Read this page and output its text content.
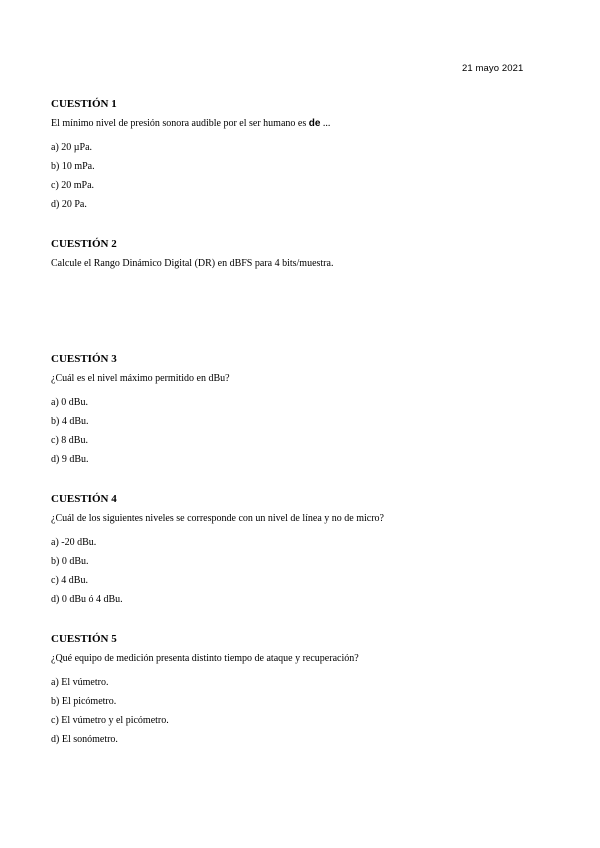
21 mayo 2021
CUESTIÓN 1

El mínimo nivel de presión sonora audible por el ser humano es de ...

a) 20 µPa.
b) 10 mPa.
c) 20 mPa.
d) 20 Pa.
CUESTIÓN 2

Calcule el Rango Dinámico Digital (DR) en dBFS para 4 bits/muestra.

CUESTIÓN 3

¿Cuál es el nivel máximo permitido en dBu?

a) 0 dBu.
b) 4 dBu.
c) 8 dBu.
d) 9 dBu.
CUESTIÓN 4

¿Cuál de los siguientes niveles se corresponde con un nivel de línea y no de micro?

a) -20 dBu.
b) 0 dBu.
c) 4 dBu.
d) 0 dBu ó 4 dBu.
CUESTIÓN 5

¿Qué equipo de medición presenta distinto tiempo de ataque y recuperación?

a) El vúmetro.
b) El picómetro.
c) El vúmetro y el picómetro.
d) El sonómetro.
